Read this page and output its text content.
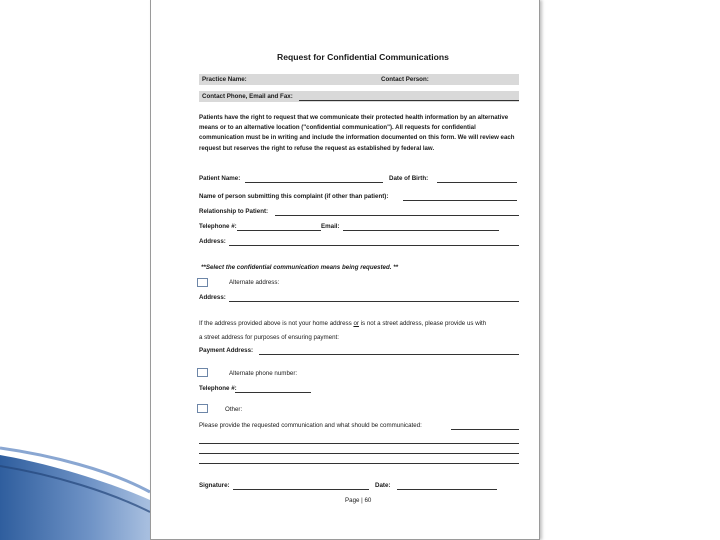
Request for Confidential Communications
Practice Name:	Contact Person:
Contact Phone, Email and Fax:
Patients have the right to request that we communicate their protected health information by an alternative means or to an alternative location ("confidential communication"). All requests for confidential communication must be in writing and include the information documented on this form. We will review each request but reserves the right to refuse the request as established by federal law.
Patient Name:	Date of Birth:
Name of person submitting this complaint (if other than patient):
Relationship to Patient:
Telephone #:	Email:
Address:
**Select the confidential communication means being requested. **
Alternate address:
Address:
If the address provided above is not your home address or is not a street address, please provide us with
a street address for purposes of ensuring payment:
Payment Address:
Alternate phone number:
Telephone #:
Other:
Please provide the requested communication and what should be communicated:
Signature:	Date:
Page | 60
